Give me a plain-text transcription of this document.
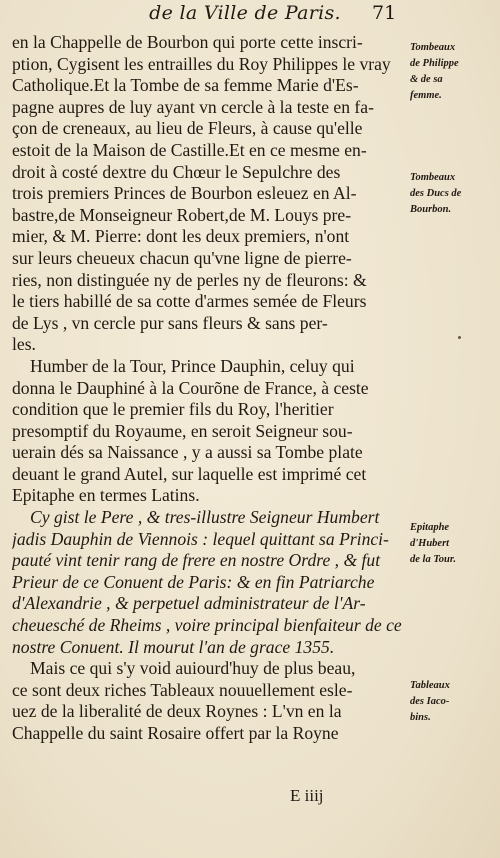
de la Ville de Paris.	71
en la Chappelle de Bourbon qui porte cette inscri-
ption, Cygisent les entrailles du Roy Philippes le vray
Catholique.Et la Tombe de sa femme Marie d'Es-
pagne aupres de luy ayant vn cercle à la teste en fa-
çon de creneaux, au lieu de Fleurs, à cause qu'elle
estoit de la Maison de Castille.Et en ce mesme en-
droit à costé dextre du Chœur le Sepulchre des
trois premiers Princes de Bourbon esleuez en Al-
bastre,de Monseigneur Robert,de M. Louys pre-
mier, & M. Pierre: dont les deux premiers, n'ont
sur leurs cheueux chacun qu'vne ligne de pierre-
ries, non distinguée ny de perles ny de fleurons: &
le tiers habillé de sa cotte d'armes semée de Fleurs
de Lys , vn cercle pur sans fleurs & sans per-
les.
Humber de la Tour, Prince Dauphin, celuy qui
donna le Dauphiné à la Courõne de France, à ceste
condition que le premier fils du Roy, l'heritier
presomptif du Royaume, en seroit Seigneur sou-
uerain dés sa Naissance , y a aussi sa Tombe plate
deuant le grand Autel, sur laquelle est imprimé cet
Epitaphe en termes Latins.
Cy gist le Pere , & tres-illustre Seigneur Humbert
jadis Dauphin de Viennois : lequel quittant sa Princi-
pauté vint tenir rang de frere en nostre Ordre , & fut
Prieur de ce Conuent de Paris: & en fin Patriarche
d'Alexandrie , & perpetuel administrateur de l'Ar-
cheuesché de Rheims , voire principal bienfaiteur de ce
nostre Conuent. Il mourut l'an de grace 1355.
Mais ce qui s'y void auiourd'huy de plus beau,
ce sont deux riches Tableaux nouuellement esle-
uez de la liberalité de deux Roynes : L'vn en la
Chappelle du saint Rosaire offert par la Royne
Tombeaux
de Philippe
& de sa
femme.
Tombeaux
des Ducs de
Bourbon.
Epitaphe
d'Hubert
de la Tour.
Tableaux
des Iaco-
bins.
E iiij
